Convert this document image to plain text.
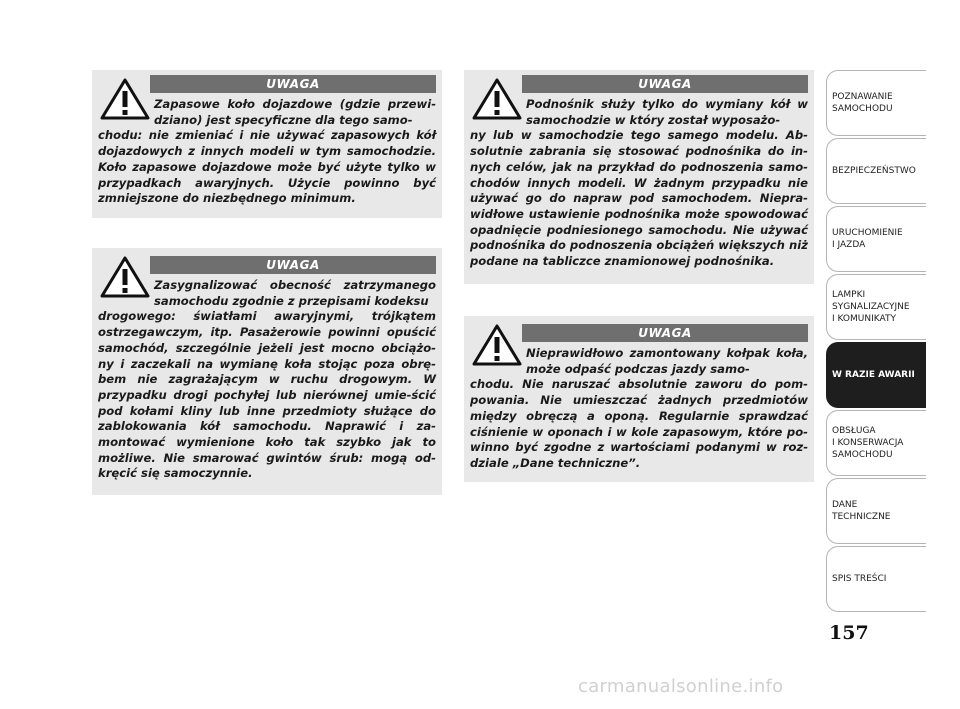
UWAGA
Zapasowe koło dojazdowe (gdzie przewi-dziano) jest specyficzne dla tego samo-
chodu: nie zmieniać i nie używać zapasowych kół dojazdowych z innych modeli w tym samochodzie. Koło zapasowe dojazdowe może być użyte tylko w przypadkach awaryjnych. Użycie powinno być zmniejszone do niezbędnego minimum.
UWAGA
Zasygnalizować obecność zatrzymanego samochodu zgodnie z przepisami kodeksu
drogowego: światłami awaryjnymi, trójkątem ostrzegawczym, itp. Pasażerowie powinni opuścić samochód, szczególnie jeżeli jest mocno obciążo-ny i zaczekali na wymianę koła stojąc poza obrę-bem nie zagrażającym w ruchu drogowym. W przypadku drogi pochyłej lub nierównej umie-ścić pod kołami kliny lub inne przedmioty służące do zablokowania kół samochodu. Naprawić i za-montować wymienione koło tak szybko jak to możliwe. Nie smarować gwintów śrub: mogą od-kręcić się samoczynnie.
UWAGA
Podnośnik służy tylko do wymiany kół w samochodzie w który został wyposażo-
ny lub w samochodzie tego samego modelu. Ab-solutnie zabrania się stosować podnośnika do in-nych celów, jak na przykład do podnoszenia samo-chodów innych modeli. W żadnym przypadku nie używać go do napraw pod samochodem. Niepra-widłowe ustawienie podnośnika może spowodować opadnięcie podniesionego samochodu. Nie używać podnośnika do podnoszenia obciążeń większych niż podane na tabliczce znamionowej podnośnika.
UWAGA
Nieprawidłowo zamontowany kołpak koła, może odpaść podczas jazdy samo-
chodu. Nie naruszać absolutnie zaworu do pom-powania. Nie umieszczać żadnych przedmiotów między obręczą a oponą. Regularnie sprawdzać ciśnienie w oponach i w kole zapasowym, które po-winno być zgodne z wartościami podanymi w roz-dziale „Dane techniczne”.
POZNAWANIE
SAMOCHODU
BEZPIECZEŃSTWO
URUCHOMIENIE
I JAZDA
LAMPKI
SYGNALIZACYJNE
I KOMUNIKATY
W RAZIE AWARII
OBSŁUGA
I KONSERWACJA
SAMOCHODU
DANE
TECHNICZNE
SPIS TREŚCI
157
carmanualsonline.info
